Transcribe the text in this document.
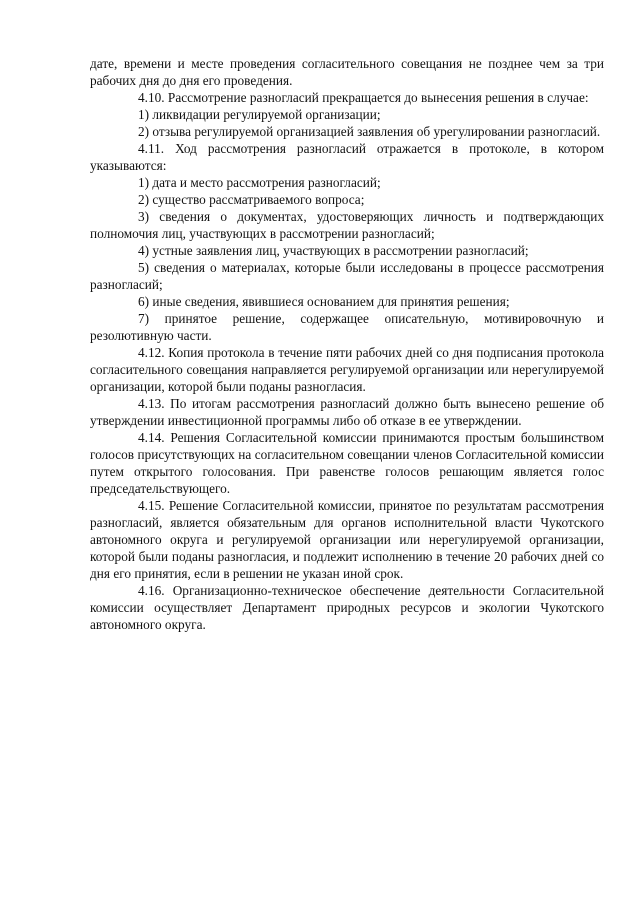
дате, времени и месте проведения согласительного совещания не позднее чем за три рабочих дня до дня его проведения.

4.10. Рассмотрение разногласий прекращается до вынесения решения в случае:

1) ликвидации регулируемой организации;

2) отзыва регулируемой организацией заявления об урегулировании разногласий.

4.11. Ход рассмотрения разногласий отражается в протоколе, в котором указываются:

1) дата и место рассмотрения разногласий;

2) существо рассматриваемого вопроса;

3) сведения о документах, удостоверяющих личность и подтверждающих полномочия лиц, участвующих в рассмотрении разногласий;

4) устные заявления лиц, участвующих в рассмотрении разногласий;

5) сведения о материалах, которые были исследованы в процессе рассмотрения разногласий;

6) иные сведения, явившиеся основанием для принятия решения;

7) принятое решение, содержащее описательную, мотивировочную и резолютивную части.

4.12. Копия протокола в течение пяти рабочих дней со дня подписания протокола согласительного совещания направляется регулируемой организации или нерегулируемой организации, которой были поданы разногласия.

4.13. По итогам рассмотрения разногласий должно быть вынесено решение об утверждении инвестиционной программы либо об отказе в ее утверждении.

4.14. Решения Согласительной комиссии принимаются простым большинством голосов присутствующих на согласительном совещании членов Согласительной комиссии путем открытого голосования. При равенстве голосов решающим является голос председательствующего.

4.15. Решение Согласительной комиссии, принятое по результатам рассмотрения разногласий, является обязательным для органов исполнительной власти Чукотского автономного округа и регулируемой организации или нерегулируемой организации, которой были поданы разногласия, и подлежит исполнению в течение 20 рабочих дней со дня его принятия, если в решении не указан иной срок.

4.16. Организационно-техническое обеспечение деятельности Согласительной комиссии осуществляет Департамент природных ресурсов и экологии Чукотского автономного округа.
